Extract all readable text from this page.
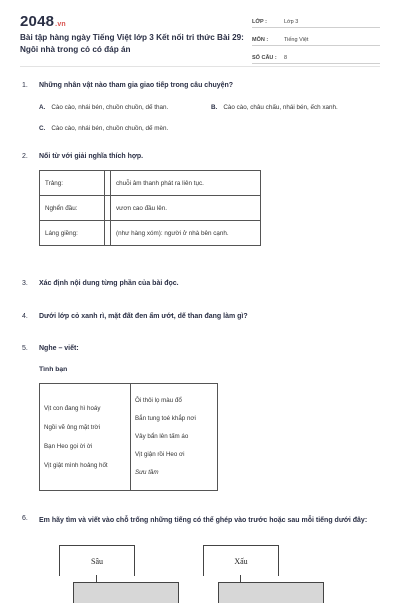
2048.vn
Bài tập hàng ngày Tiếng Việt lớp 3 Kết nối tri thức Bài 29: Ngôi nhà trong cỏ có đáp án
LỚP :	Lớp 3
MÔN :	Tiếng Việt
SỐ CÂU :	8
1. Những nhân vật nào tham gia giao tiếp trong câu chuyện?
A. Cào cào, nhái bén, chuồn chuồn, dế than.	B. Cào cào, châu chấu, nhái bén, ếch xanh.
C. Cào cào, nhái bén, chuồn chuồn, dế mèn.
2. Nối từ với giải nghĩa thích hợp.
Trảng:		chuỗi âm thanh phát ra liên tục.
Nghển đầu:		vươn cao đầu lên.
Láng giềng:		(như hàng xóm): người ở nhà bên cạnh.
3. Xác định nội dung từng phần của bài đọc.
4. Dưới lớp cỏ xanh rì, mặt đất đen ẩm ướt, dế than đang làm gì?
5. Nghe – viết:
Tình bạn
Vịt con đang hì hoáy
Ngồi vẽ ông mặt trời
Bạn Heo gọi ời ời
Vịt giật mình hoảng hốt

Ôi thôi lọ màu đổ
Bắn tung toé khắp nơi
Vây bẩn lên tấm áo
Vịt giận rồi Heo ơi
Sưu tầm
6.	Em hãy tìm và viết vào chỗ trống những tiếng có thể ghép vào trước hoặc sau mỗi tiếng dưới đây:
Sâu	Xấu
